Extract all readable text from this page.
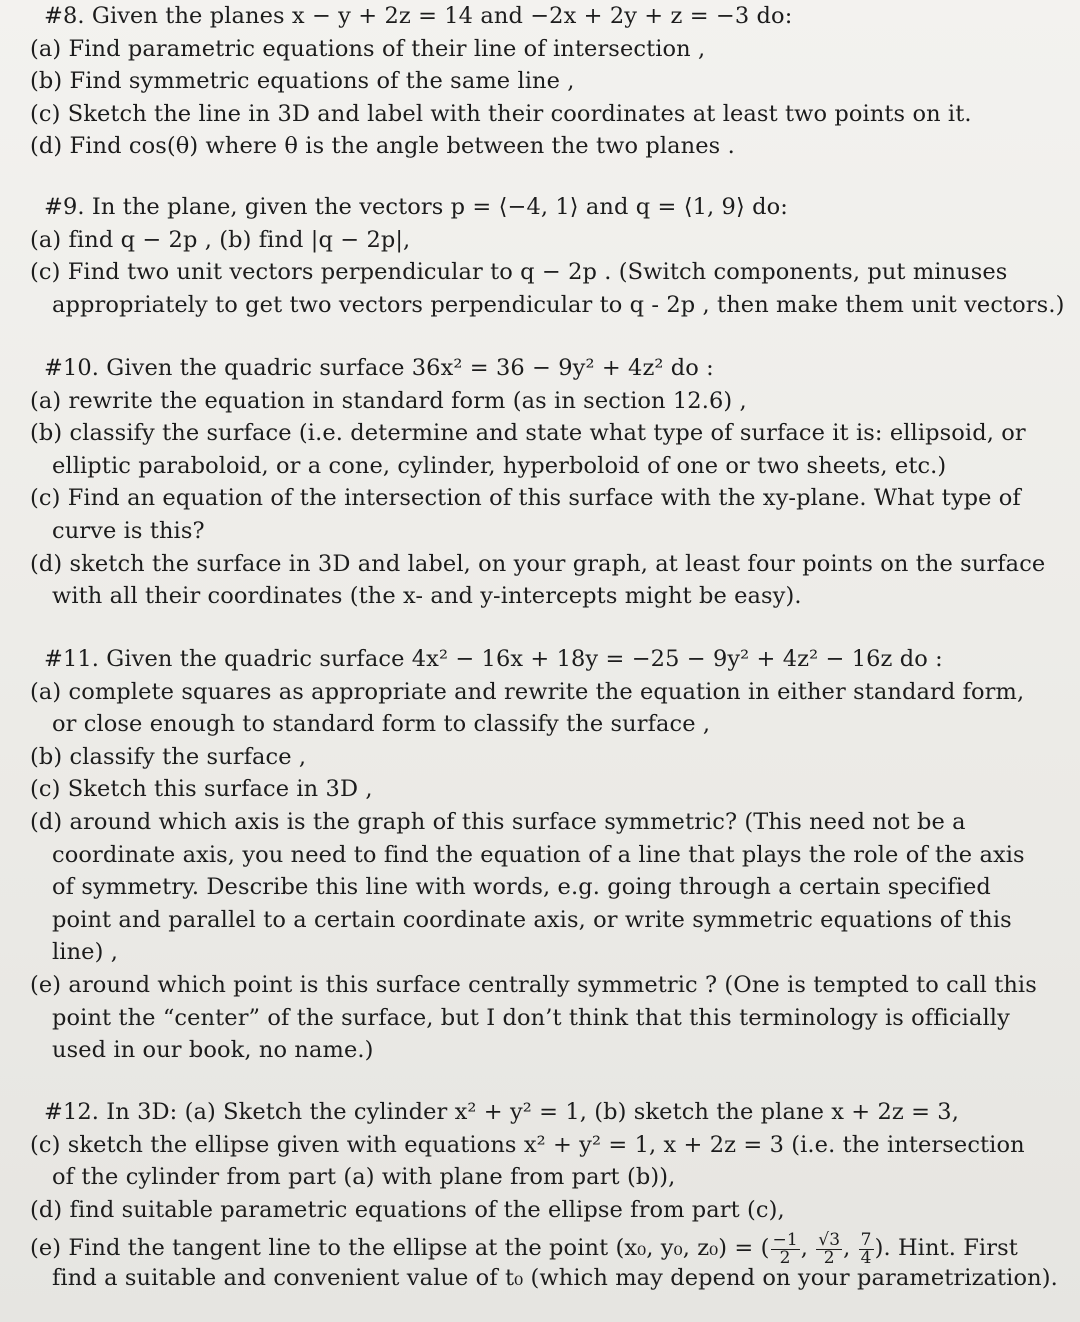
#8. Given the planes x − y + 2z = 14 and −2x + 2y + z = −3 do:
(a) Find parametric equations of their line of intersection ,
(b) Find symmetric equations of the same line ,
(c) Sketch the line in 3D and label with their coordinates at least two points on it.
(d) Find cos(θ) where θ is the angle between the two planes .
#9. In the plane, given the vectors p = ⟨−4, 1⟩ and q = ⟨1, 9⟩ do:
(a) find q − 2p , (b) find |q − 2p|,
(c) Find two unit vectors perpendicular to q − 2p . (Switch components, put minuses
appropriately to get two vectors perpendicular to q - 2p , then make them unit vectors.)
#10. Given the quadric surface 36x² = 36 − 9y² + 4z² do :
(a) rewrite the equation in standard form (as in section 12.6) ,
(b) classify the surface (i.e. determine and state what type of surface it is: ellipsoid, or
elliptic paraboloid, or a cone, cylinder, hyperboloid of one or two sheets, etc.)
(c) Find an equation of the intersection of this surface with the xy-plane. What type of
curve is this?
(d) sketch the surface in 3D and label, on your graph, at least four points on the surface
with all their coordinates (the x- and y-intercepts might be easy).
#11. Given the quadric surface 4x² − 16x + 18y = −25 − 9y² + 4z² − 16z do :
(a) complete squares as appropriate and rewrite the equation in either standard form,
or close enough to standard form to classify the surface ,
(b) classify the surface ,
(c) Sketch this surface in 3D ,
(d) around which axis is the graph of this surface symmetric? (This need not be a
coordinate axis, you need to find the equation of a line that plays the role of the axis
of symmetry. Describe this line with words, e.g. going through a certain specified
point and parallel to a certain coordinate axis, or write symmetric equations of this
line) ,
(e) around which point is this surface centrally symmetric ? (One is tempted to call this
point the “center” of the surface, but I don’t think that this terminology is officially
used in our book, no name.)
#12. In 3D: (a) Sketch the cylinder x² + y² = 1, (b) sketch the plane x + 2z = 3,
(c) sketch the ellipse given with equations x² + y² = 1, x + 2z = 3 (i.e. the intersection
of the cylinder from part (a) with plane from part (b)),
(d) find suitable parametric equations of the ellipse from part (c),
(e) Find the tangent line to the ellipse at the point (x₀, y₀, z₀) = ( $\frac{-1}{2}$ , $\frac{√3}{2}$ , $\frac{7}{4}$ ). Hint. First
find a suitable and convenient value of t₀ (which may depend on your parametrization).
